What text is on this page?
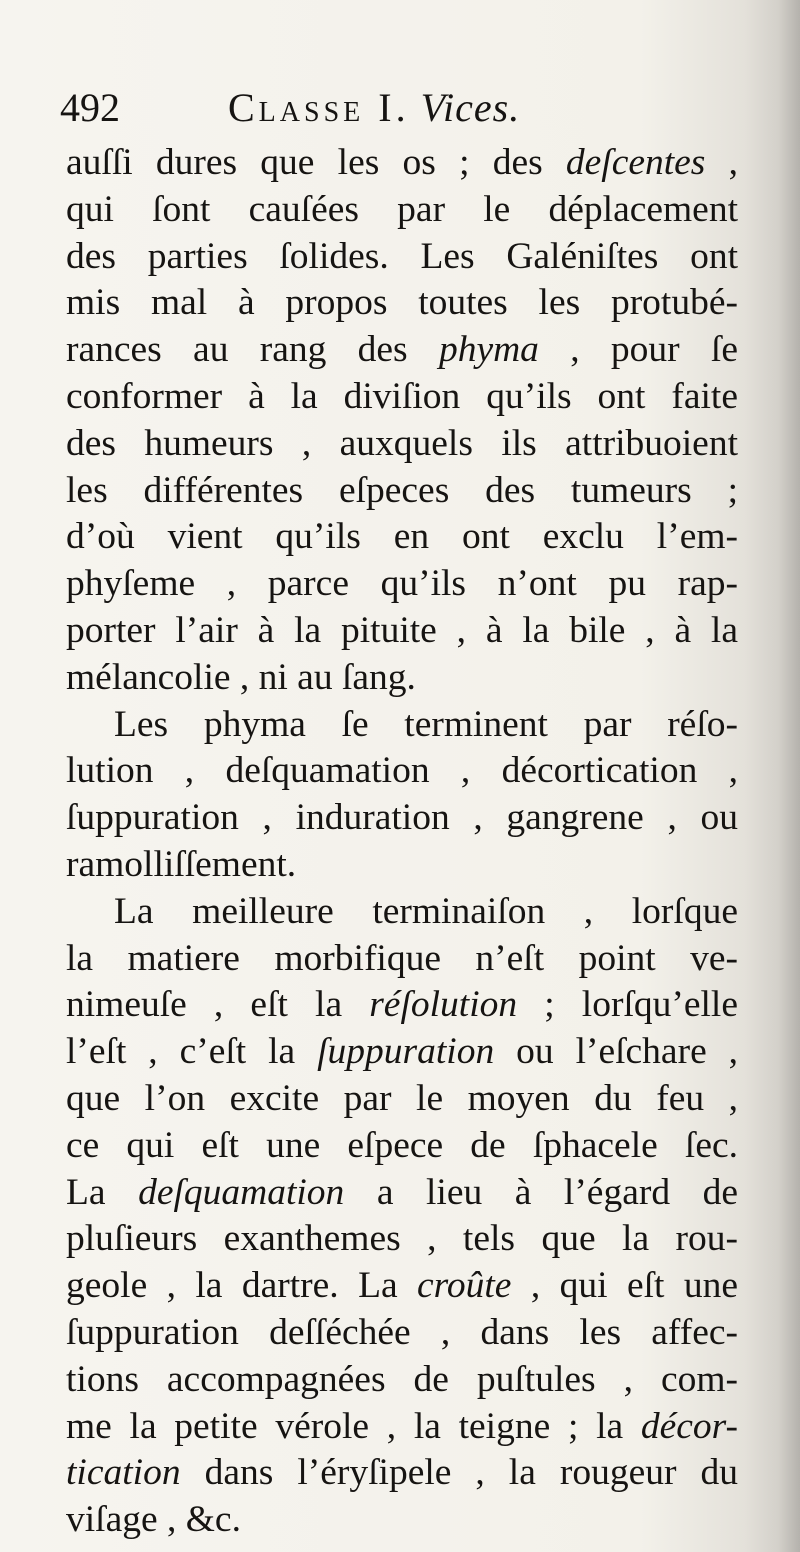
492	Classe I. Vices.
auſſi dures que les os ; des deſcentes ,
qui ſont cauſées par le déplacement
des parties ſolides. Les Galéniſtes ont
mis mal à propos toutes les protubé-
rances au rang des phyma , pour ſe
conformer à la diviſion qu’ils ont faite
des humeurs , auxquels ils attribuoient
les différentes eſpeces des tumeurs ;
d’où vient qu’ils en ont exclu l’em-
phyſeme , parce qu’ils n’ont pu rap-
porter l’air à la pituite , à la bile , à la
mélancolie , ni au ſang.
Les phyma ſe terminent par réſo-
lution , deſquamation , décortication ,
ſuppuration , induration , gangrene , ou
ramolliſſement.
La meilleure terminaiſon , lorſque
la matiere morbifique n’eſt point ve-
nimeuſe , eſt la réſolution ; lorſqu’elle
l’eſt , c’eſt la ſuppuration ou l’eſchare ,
que l’on excite par le moyen du feu ,
ce qui eſt une eſpece de ſphacele ſec.
La deſquamation a lieu à l’égard de
pluſieurs exanthemes , tels que la rou-
geole , la dartre. La croûte , qui eſt une
ſuppuration deſſéchée , dans les affec-
tions accompagnées de puſtules , com-
me la petite vérole , la teigne ; la décor-
tication dans l’éryſipele , la rougeur du
viſage , &c.
